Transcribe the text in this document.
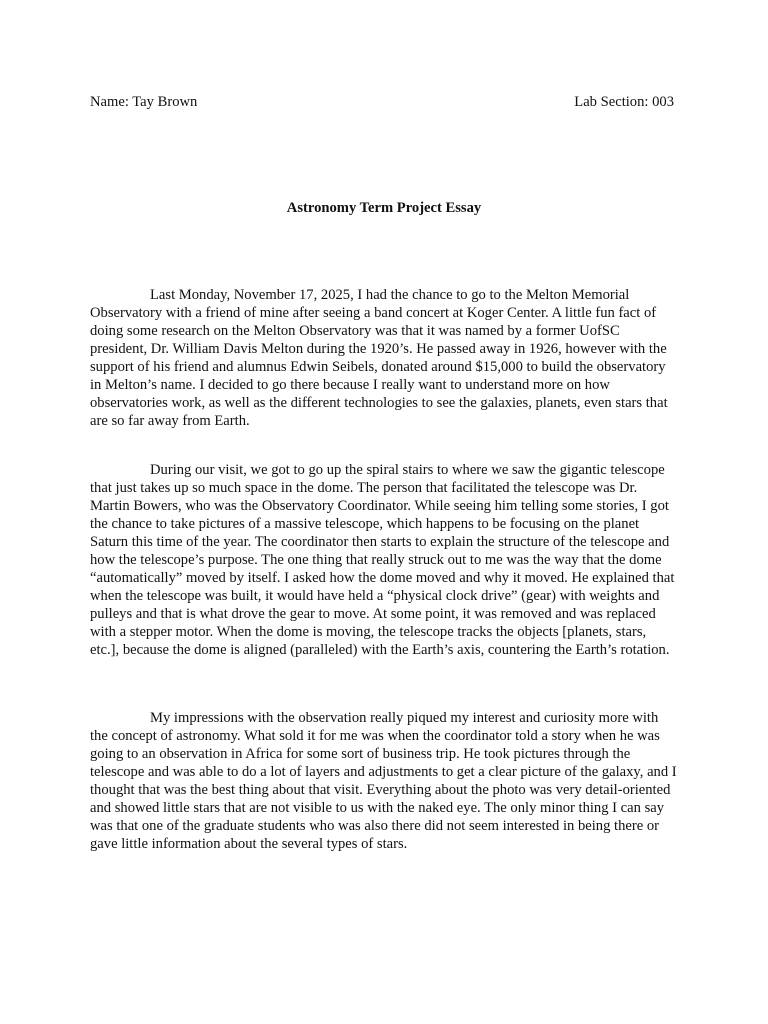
Name: Tay Brown	Lab Section: 003
Astronomy Term Project Essay

Last Monday, November 17, 2025, I had the chance to go to the Melton Memorial Observatory with a friend of mine after seeing a band concert at Koger Center. A little fun fact of doing some research on the Melton Observatory was that it was named by a former UofSC president, Dr. William Davis Melton during the 1920’s. He passed away in 1926, however with the support of his friend and alumnus Edwin Seibels, donated around $15,000 to build the observatory in Melton’s name. I decided to go there because I really want to understand more on how observatories work, as well as the different technologies to see the galaxies, planets, even stars that are so far away from Earth.

During our visit, we got to go up the spiral stairs to where we saw the gigantic telescope that just takes up so much space in the dome. The person that facilitated the telescope was Dr. Martin Bowers, who was the Observatory Coordinator. While seeing him telling some stories, I got the chance to take pictures of a massive telescope, which happens to be focusing on the planet Saturn this time of the year. The coordinator then starts to explain the structure of the telescope and how the telescope’s purpose. The one thing that really struck out to me was the way that the dome “automatically” moved by itself. I asked how the dome moved and why it moved. He explained that when the telescope was built, it would have held a “physical clock drive” (gear) with weights and pulleys and that is what drove the gear to move. At some point, it was removed and was replaced with a stepper motor. When the dome is moving, the telescope tracks the objects [planets, stars, etc.], because the dome is aligned (paralleled) with the Earth’s axis, countering the Earth’s rotation.

My impressions with the observation really piqued my interest and curiosity more with the concept of astronomy. What sold it for me was when the coordinator told a story when he was going to an observation in Africa for some sort of business trip. He took pictures through the telescope and was able to do a lot of layers and adjustments to get a clear picture of the galaxy, and I thought that was the best thing about that visit. Everything about the photo was very detail-oriented and showed little stars that are not visible to us with the naked eye. The only minor thing I can say was that one of the graduate students who was also there did not seem interested in being there or gave little information about the several types of stars.
